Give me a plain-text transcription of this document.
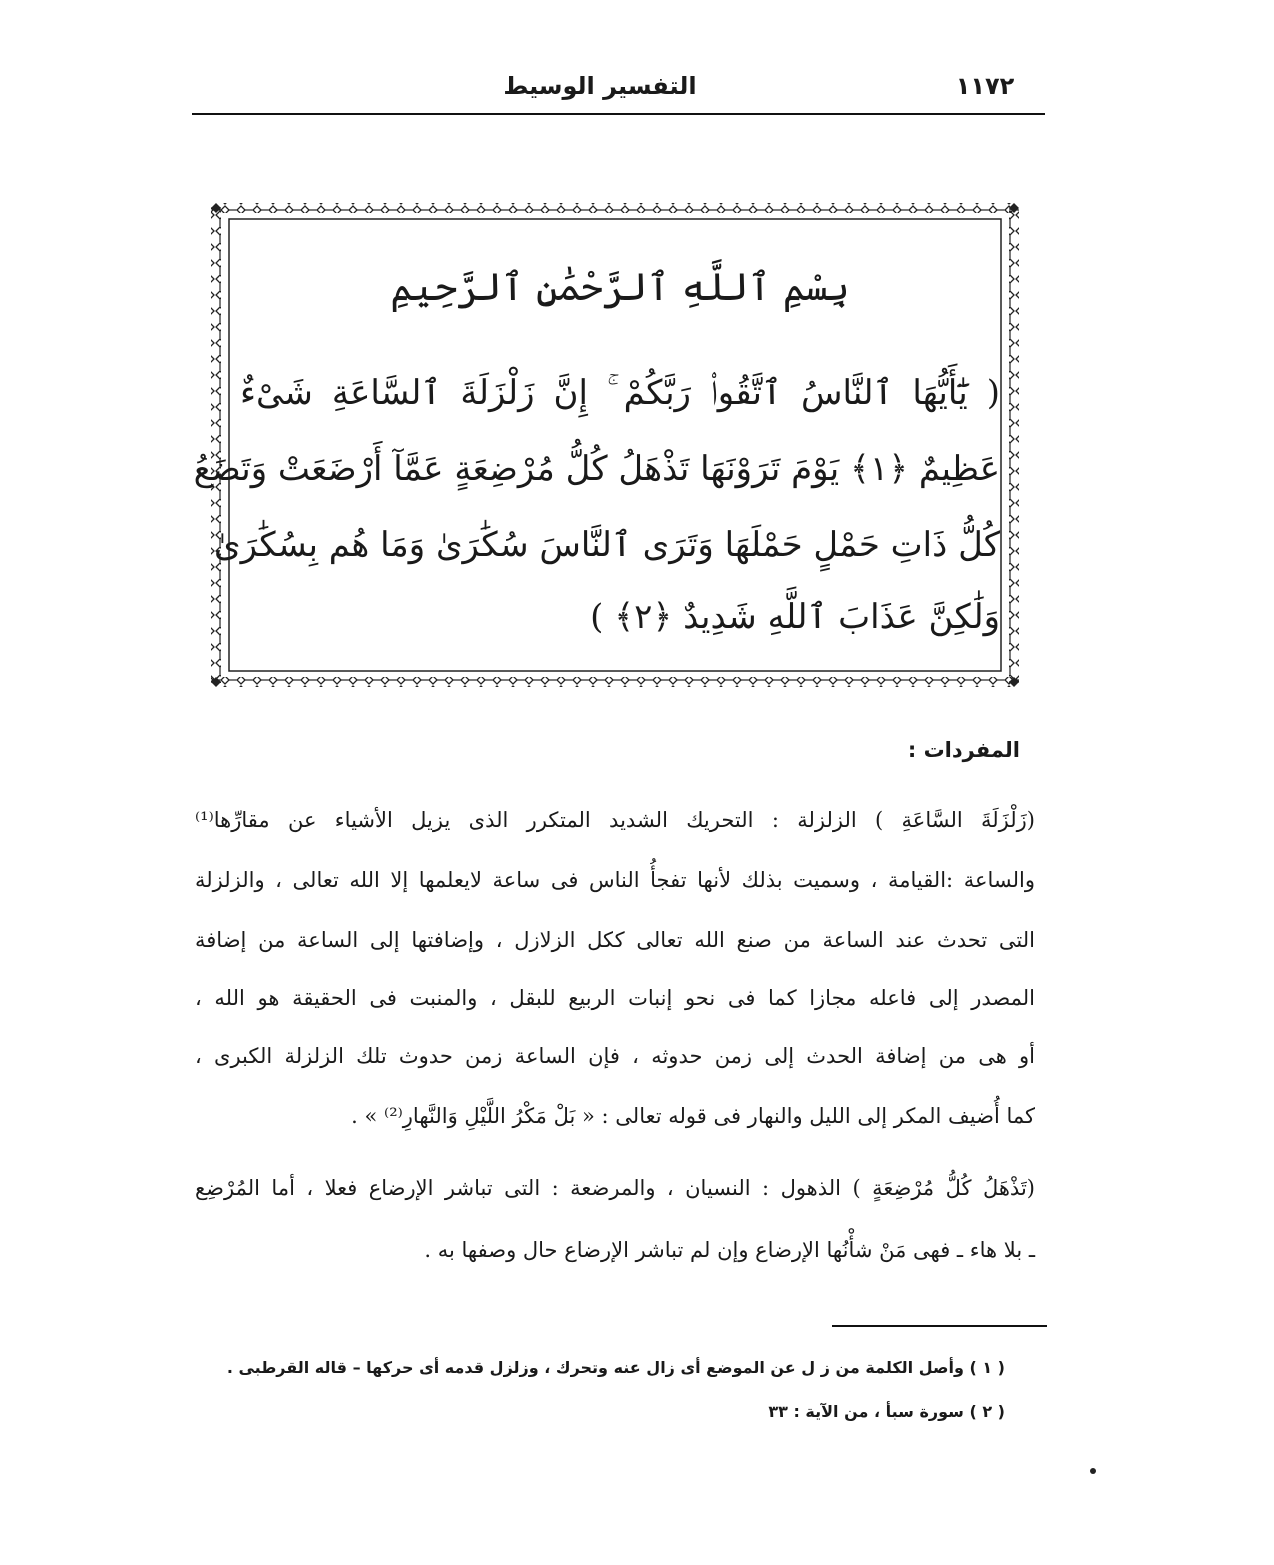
١١٧٢
التفسير الوسيط
بِسْمِ ٱللَّهِ ٱلرَّحْمَٰنِ ٱلرَّحِيمِ
( يَٰٓأَيُّهَا ٱلنَّاسُ ٱتَّقُوا۟ رَبَّكُمْ ۚ إِنَّ زَلْزَلَةَ ٱلسَّاعَةِ شَىْءٌ
عَظِيمٌ ﴿١﴾ يَوْمَ تَرَوْنَهَا تَذْهَلُ كُلُّ مُرْضِعَةٍ عَمَّآ أَرْضَعَتْ وَتَضَعُ
كُلُّ ذَاتِ حَمْلٍ حَمْلَهَا وَتَرَى ٱلنَّاسَ سُكَٰرَىٰ وَمَا هُم بِسُكَٰرَىٰ
وَلَٰكِنَّ عَذَابَ ٱللَّهِ شَدِيدٌ ﴿٢﴾ )
المفردات :
(زَلْزَلَةَ السَّاعَةِ ) الزلزلة : التحريك الشديد المتكرر الذى يزيل الأشياء عن مقارِّها⁽¹⁾
والساعة :القيامة ، وسميت بذلك لأنها تفجأُ الناس فى ساعة لايعلمها إلا الله تعالى ، والزلزلة
التى تحدث عند الساعة من صنع الله تعالى ككل الزلازل ، وإضافتها إلى الساعة من إضافة
المصدر إلى فاعله مجازا كما فى نحو إنبات الربيع للبقل ، والمنبت فى الحقيقة هو الله ،
أو هى من إضافة الحدث إلى زمن حدوثه ، فإن الساعة زمن حدوث تلك الزلزلة الكبرى ،
كما أُضيف المكر إلى الليل والنهار فى قوله تعالى : « بَلْ مَكْرُ اللَّيْلِ وَالنَّهارِ⁽²⁾ » .
(تَذْهَلُ كُلُّ مُرْضِعَةٍ ) الذهول : النسيان ، والمرضعة : التى تباشر الإرضاع فعلا ، أما المُرْضِع
ـ بلا هاء ـ فهى مَنْ شأْنُها الإرضاع وإن لم تباشر الإرضاع حال وصفها به .
( ١ ) وأصل الكلمة من ز ل عن الموضع أى زال عنه وتحرك ، وزلزل قدمه أى حركها – قاله القرطبى .
( ٢ ) سورة سبأ ، من الآية : ٣٣
